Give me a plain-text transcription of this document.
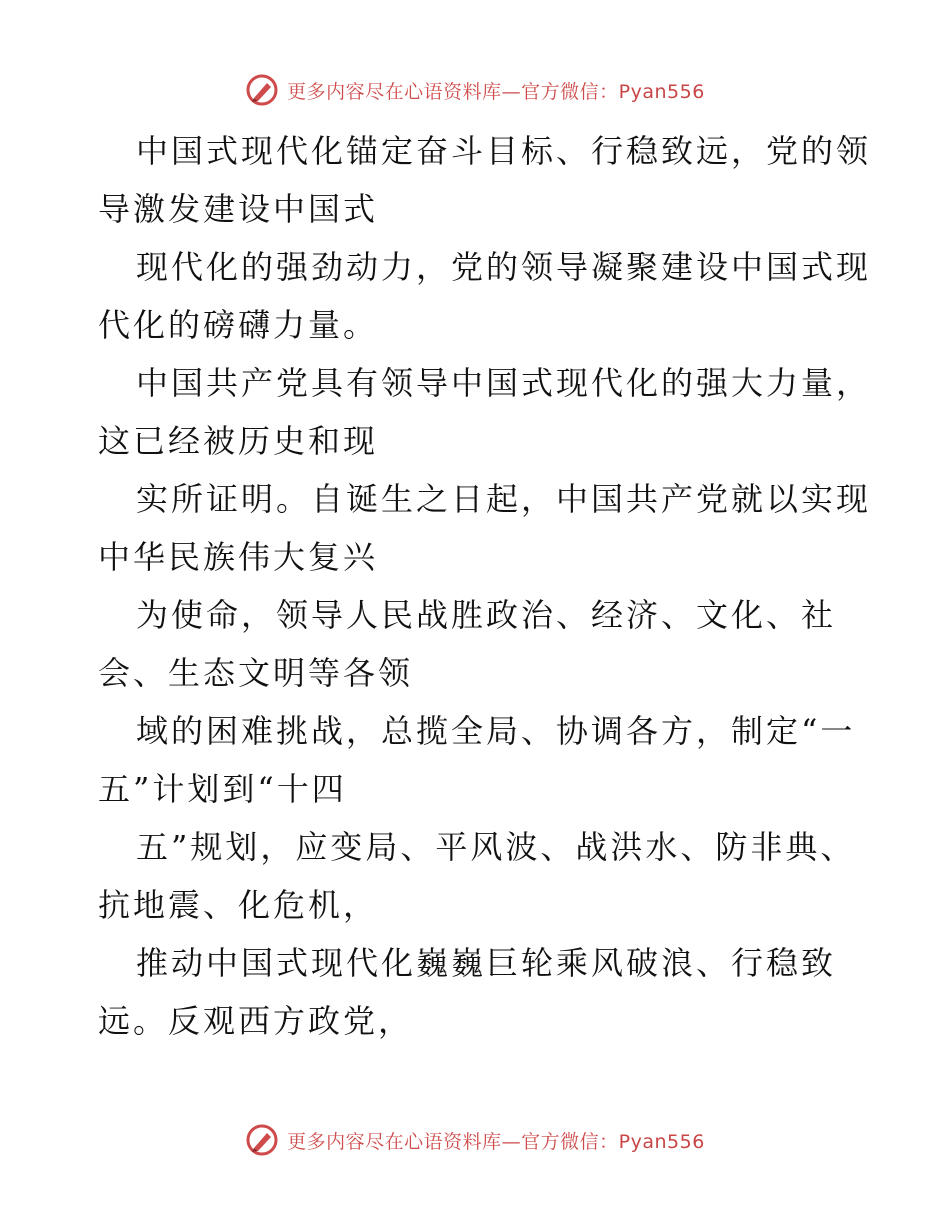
更多内容尽在心语资料库—官方微信：Pyan556

中国式现代化锚定奋斗目标、行稳致远，党的领
导激发建设中国式

现代化的强劲动力，党的领导凝聚建设中国式现
代化的磅礴力量。

中国共产党具有领导中国式现代化的强大力量，
这已经被历史和现

实所证明。自诞生之日起，中国共产党就以实现
中华民族伟大复兴

为使命，领导人民战胜政治、经济、文化、社
会、生态文明等各领

域的困难挑战，总揽全局、协调各方，制定“一
五”计划到“十四

五”规划，应变局、平风波、战洪水、防非典、
抗地震、化危机，

推动中国式现代化巍巍巨轮乘风破浪、行稳致
远。反观西方政党，

更多内容尽在心语资料库—官方微信：Pyan556
